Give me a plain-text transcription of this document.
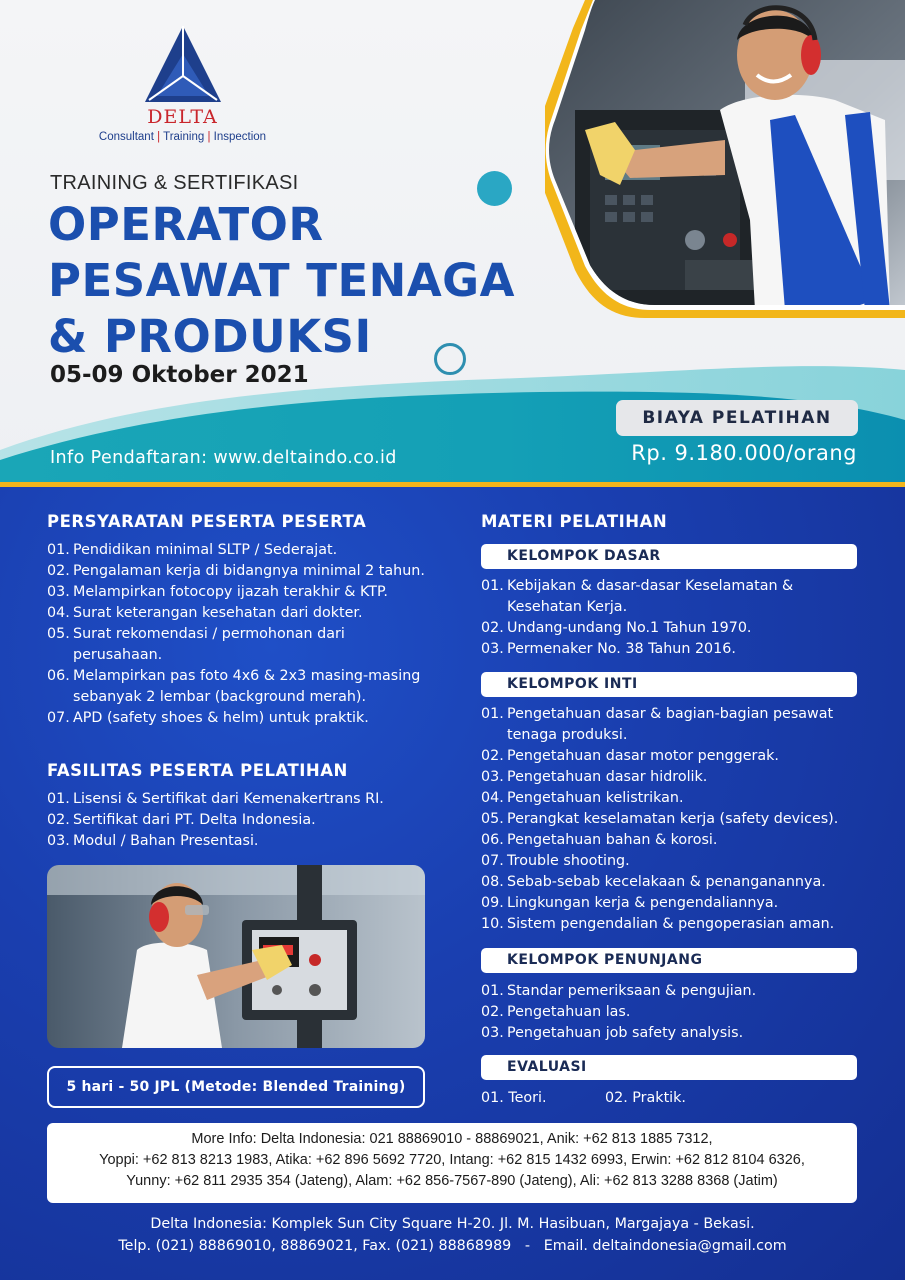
DELTA
Consultant | Training | Inspection
TRAINING & SERTIFIKASI
OPERATOR
PESAWAT TENAGA
& PRODUKSI
05-09 Oktober 2021
BIAYA PELATIHAN
Rp. 9.180.000/orang
Info Pendaftaran: www.deltaindo.co.id
PERSYARATAN PESERTA PESERTA
01. Pendidikan minimal SLTP / Sederajat.
02. Pengalaman kerja di bidangnya minimal 2 tahun.
03. Melampirkan fotocopy ijazah terakhir & KTP.
04. Surat keterangan kesehatan dari dokter.
05. Surat rekomendasi / permohonan dari perusahaan.
06. Melampirkan pas foto 4x6 & 2x3 masing-masing sebanyak 2 lembar (background merah).
07. APD (safety shoes & helm) untuk praktik.
FASILITAS PESERTA PELATIHAN
01. Lisensi & Sertifikat dari Kemenakertrans RI.
02. Sertifikat dari PT. Delta Indonesia.
03. Modul / Bahan Presentasi.
5 hari - 50 JPL (Metode: Blended Training)
MATERI PELATIHAN
KELOMPOK DASAR
01. Kebijakan & dasar-dasar Keselamatan & Kesehatan Kerja.
02. Undang-undang No.1 Tahun 1970.
03. Permenaker No. 38 Tahun 2016.
KELOMPOK INTI
01. Pengetahuan dasar & bagian-bagian pesawat tenaga produksi.
02. Pengetahuan dasar motor penggerak.
03. Pengetahuan dasar hidrolik.
04. Pengetahuan kelistrikan.
05. Perangkat keselamatan kerja (safety devices).
06. Pengetahuan bahan & korosi.
07. Trouble shooting.
08. Sebab-sebab kecelakaan & penanganannya.
09. Lingkungan kerja & pengendaliannya.
10. Sistem pengendalian & pengoperasian aman.
KELOMPOK PENUNJANG
01. Standar pemeriksaan & pengujian.
02. Pengetahuan las.
03. Pengetahuan job safety analysis.
EVALUASI
01. Teori.	02. Praktik.
More Info: Delta Indonesia: 021 88869010 - 88869021, Anik: +62 813 1885 7312,
Yoppi: +62 813 8213 1983, Atika: +62 896 5692 7720, Intang: +62 815 1432 6993, Erwin: +62 812 8104 6326,
Yunny: +62 811 2935 354 (Jateng), Alam: +62 856-7567-890 (Jateng), Ali: +62 813 3288 8368 (Jatim)
Delta Indonesia: Komplek Sun City Square H-20. Jl. M. Hasibuan, Margajaya - Bekasi.
Telp. (021) 88869010, 88869021, Fax. (021) 88868989   -   Email. deltaindonesia@gmail.com
